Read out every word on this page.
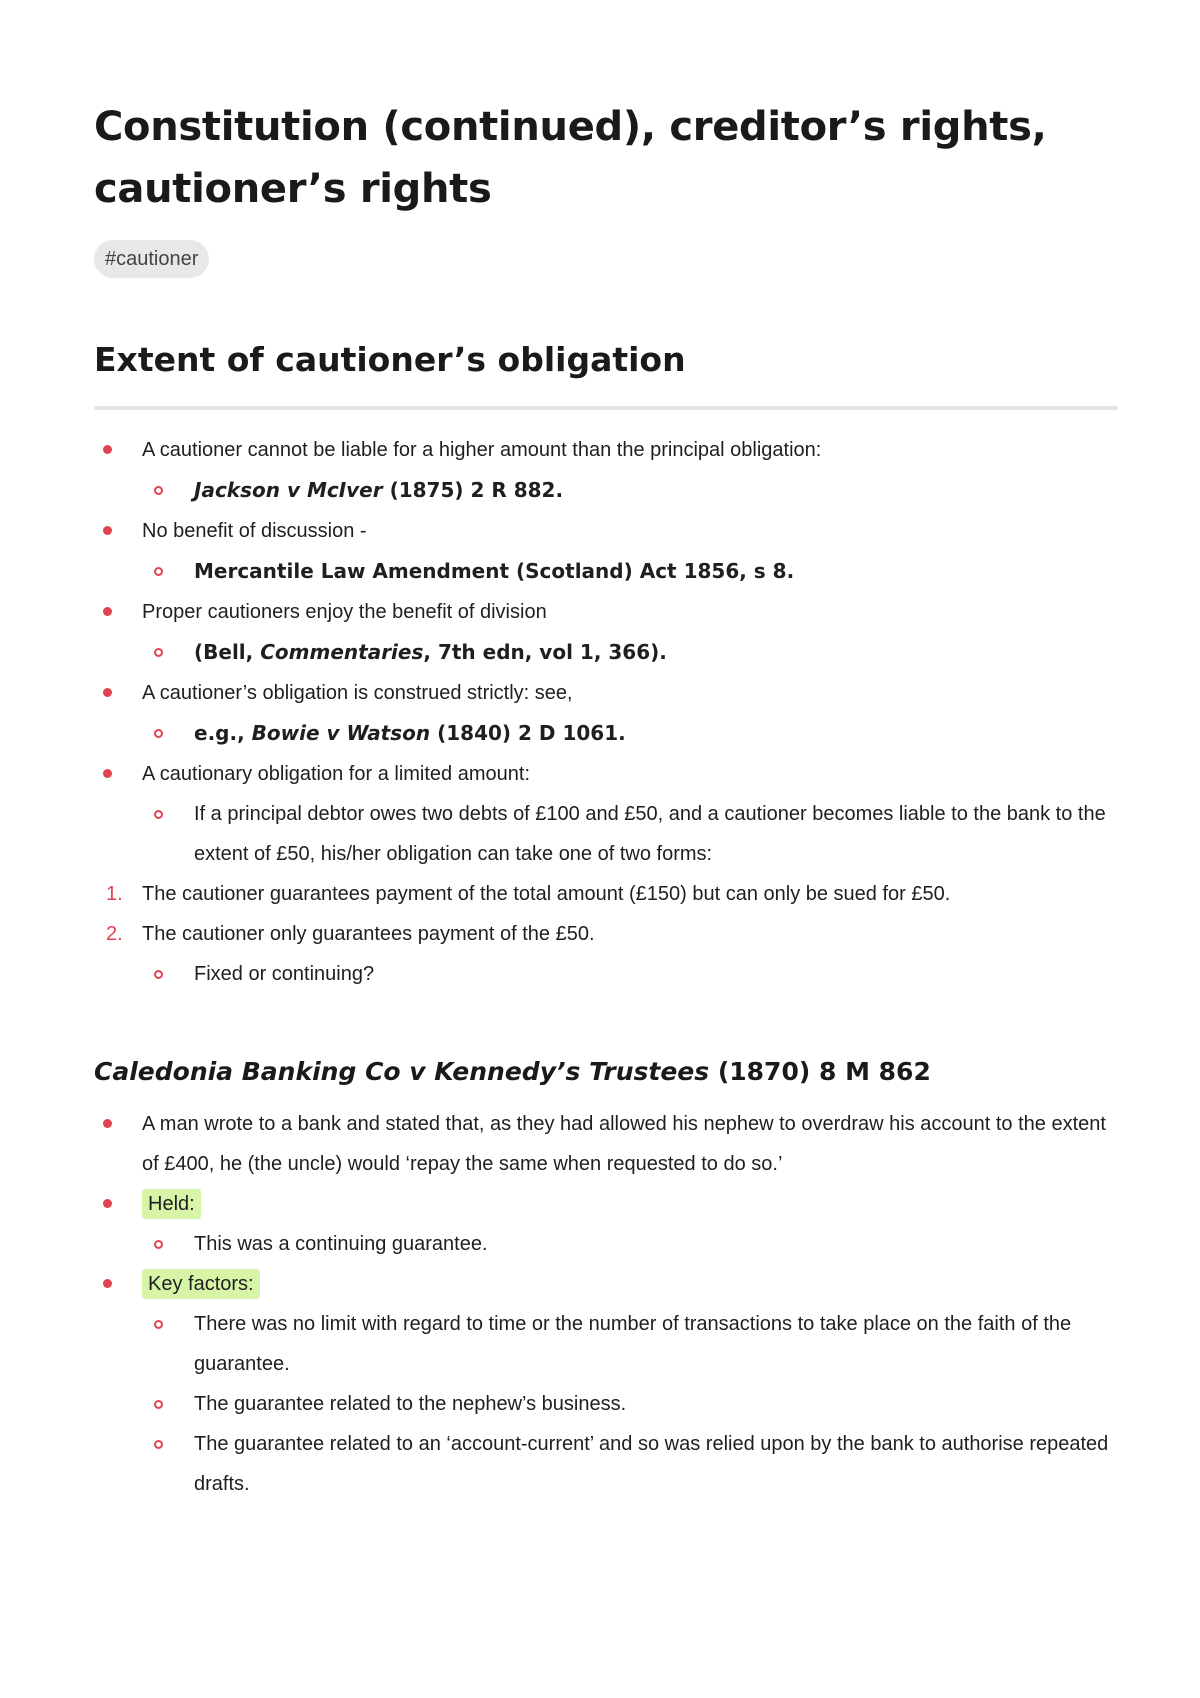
Constitution (continued), creditor’s rights, cautioner’s rights
#cautioner
Extent of cautioner’s obligation
A cautioner cannot be liable for a higher amount than the principal obligation:
Jackson v McIver (1875) 2 R 882.
No benefit of discussion -
Mercantile Law Amendment (Scotland) Act 1856, s 8.
Proper cautioners enjoy the benefit of division
(Bell, Commentaries, 7th edn, vol 1, 366).
A cautioner’s obligation is construed strictly: see,
e.g., Bowie v Watson (1840) 2 D 1061.
A cautionary obligation for a limited amount:
If a principal debtor owes two debts of £100 and £50, and a cautioner becomes liable to the bank to the extent of £50, his/her obligation can take one of two forms:
1. The cautioner guarantees payment of the total amount (£150) but can only be sued for £50.
2. The cautioner only guarantees payment of the £50.
Fixed or continuing?
Caledonia Banking Co v Kennedy’s Trustees (1870) 8 M 862
A man wrote to a bank and stated that, as they had allowed his nephew to overdraw his account to the extent of £400, he (the uncle) would ‘repay the same when requested to do so.’
Held:
This was a continuing guarantee.
Key factors:
There was no limit with regard to time or the number of transactions to take place on the faith of the guarantee.
The guarantee related to the nephew’s business.
The guarantee related to an ‘account-current’ and so was relied upon by the bank to authorise repeated drafts.
